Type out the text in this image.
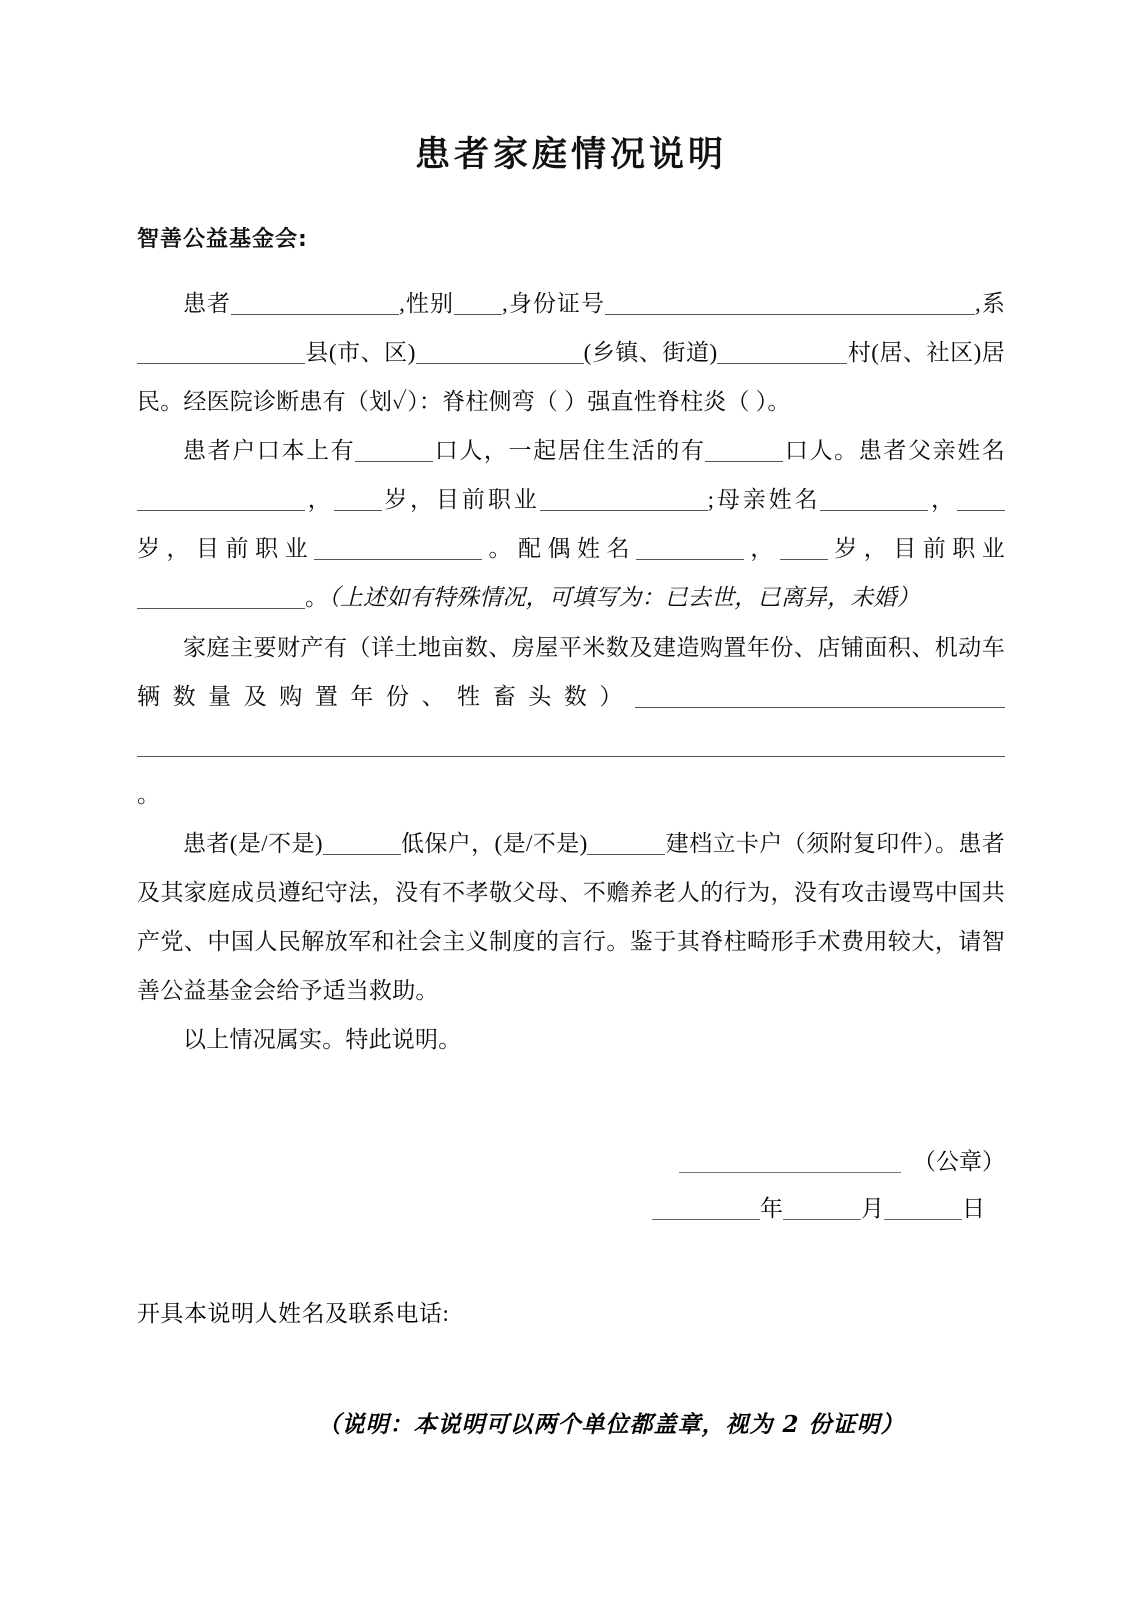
患者家庭情况说明
智善公益基金会:

患者	,性别 ,身份证号	,系县(市、区)	(乡镇、街道)	村(居、社区)居民。经医院诊断患有（划✓）：脊柱侧弯（ ）强直性脊柱炎（ ）。

患者户口本上有	口人，一起居住生活的有	口人。患者父亲姓名， 岁，目前职业	;母亲姓名	，岁，目前职业	。配偶姓名	， 岁，目前职业。（上述如有特殊情况，可填写为：已去世，已离异，未婚）

家庭主要财产有（详土地亩数、房屋平米数及建造购置年份、店铺面积、机动车辆数量及购置年份、牲畜头数）。

患者(是/不是)	低保户，(是/不是)	建档立卡户（须附复印件）。患者及其家庭成员遵纪守法，没有不孝敬父母、不赡养老人的行为，没有攻击谩骂中国共产党、中国人民解放军和社会主义制度的言行。鉴于其脊柱畸形手术费用较大，请智善公益基金会给予适当救助。

以上情况属实。特此说明。

（公章）
年	月	日
开具本说明人姓名及联系电话:
（说明：本说明可以两个单位都盖章，视为 2 份证明）
